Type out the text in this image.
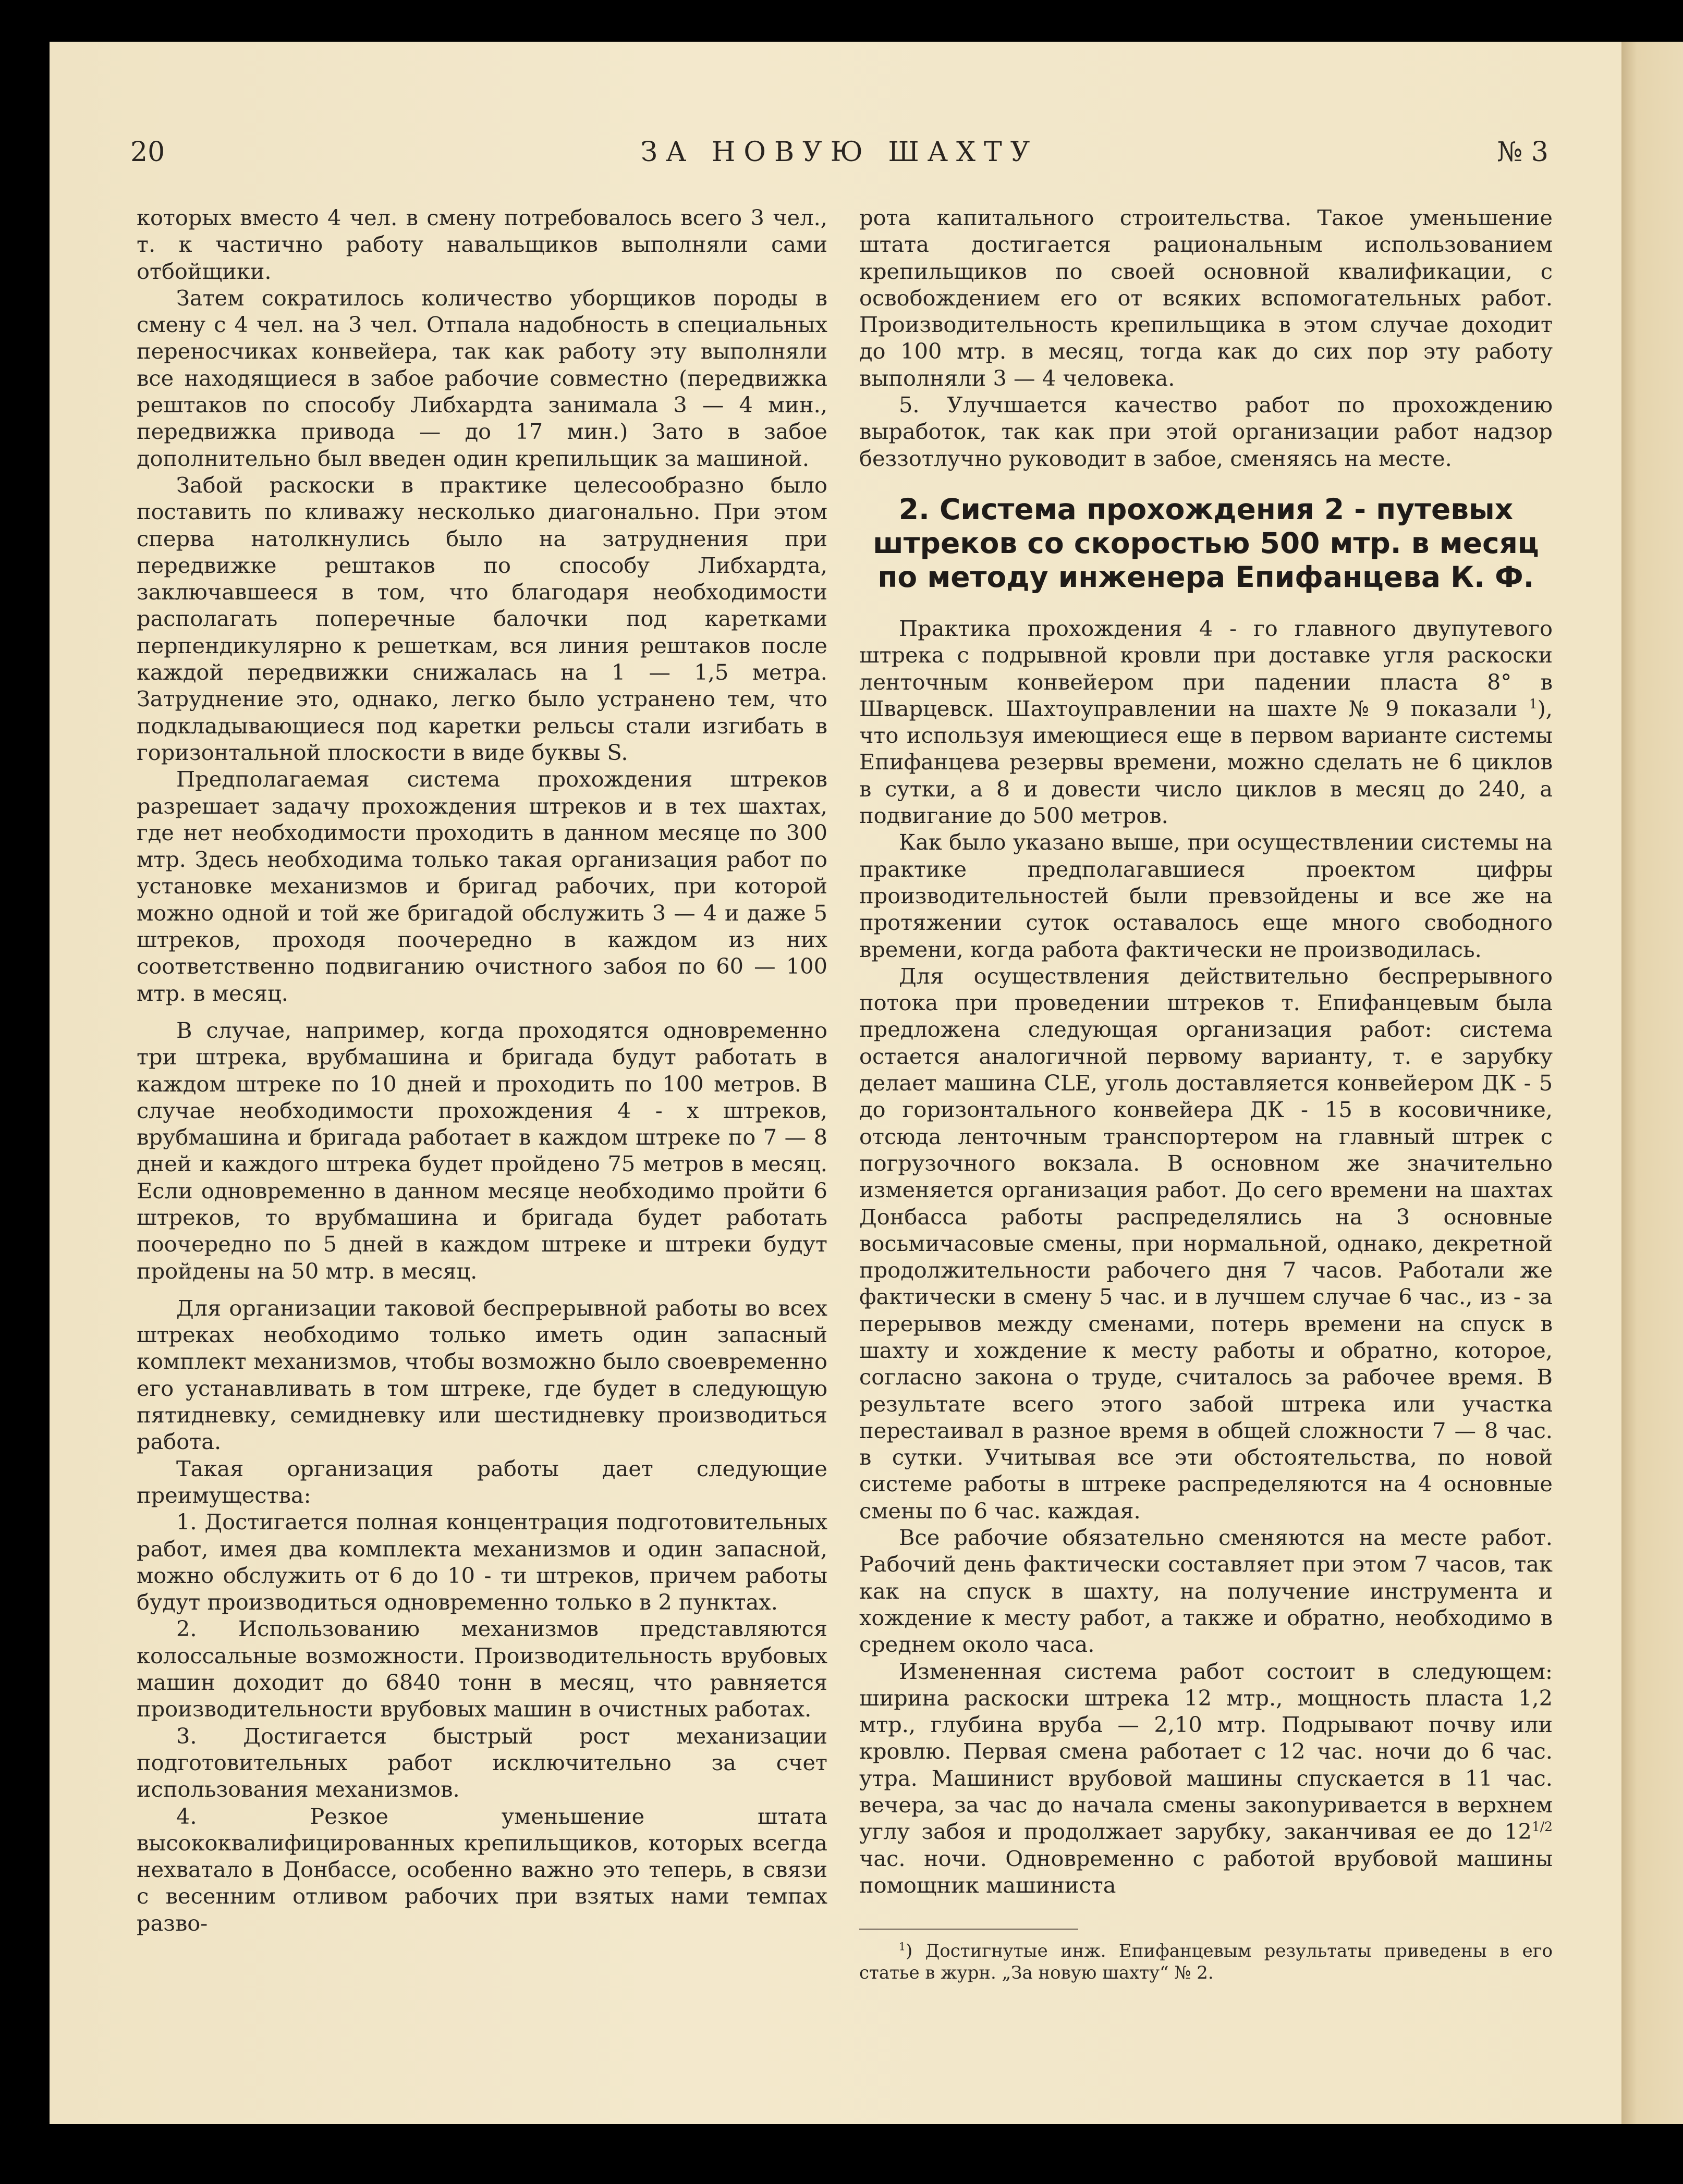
20	ЗА НОВУЮ ШАХТУ	№ 3

которых вместо 4 чел. в смену потребовалось всего 3 чел., т. к частично работу навальщиков выполняли сами отбойщики.

Затем сократилось количество уборщиков породы в смену с 4 чел. на 3 чел. Отпала надобность в специальных переносчиках конвейера, так как работу эту выполняли все находящиеся в забое рабочие совместно (передвижка рештаков по способу Либхардта занимала 3 — 4 мин., передвижка привода — до 17 мин.) Зато в забое дополнительно был введен один крепильщик за машиной.

Забой раскоски в практике целесообразно было поставить по кливажу несколько диагонально. При этом сперва натолкнулись было на затруднения при передвижке рештаков по способу Либхардта, заключавшееся в том, что благодаря необходимости располагать поперечные балочки под каретками перпендикулярно к решеткам, вся линия рештаков после каждой передвижки снижалась на 1 — 1,5 метра. Затруднение это, однако, легко было устранено тем, что подкладывающиеся под каретки рельсы стали изгибать в горизонтальной плоскости в виде буквы S.

Предполагаемая система прохождения штреков разрешает задачу прохождения штреков и в тех шахтах, где нет необходимости проходить в данном месяце по 300 мтр. Здесь необходима только такая организация работ по установке механизмов и бригад рабочих, при которой можно одной и той же бригадой обслужить 3 — 4 и даже 5 штреков, проходя поочередно в каждом из них соответственно подвиганию очистного забоя по 60 — 100 мтр. в месяц.

В случае, например, когда проходятся одновременно три штрека, врубмашина и бригада будут работать в каждом штреке по 10 дней и проходить по 100 метров. В случае необходимости прохождения 4 - х штреков, врубмашина и бригада работает в каждом штреке по 7 — 8 дней и каждого штрека будет пройдено 75 метров в месяц. Если одновременно в данном месяце необходимо пройти 6 штреков, то врубмашина и бригада будет работать поочередно по 5 дней в каждом штреке и штреки будут пройдены на 50 мтр. в месяц.

Для организации таковой беспрерывной работы во всех штреках необходимо только иметь один запасный комплект механизмов, чтобы возможно было своевременно его устанавливать в том штреке, где будет в следующую пятидневку, семидневку или шестидневку производиться работа.

Такая организация работы дает следующие преимущества:

1. Достигается полная концентрация подготовительных работ, имея два комплекта механизмов и один запасной, можно обслужить от 6 до 10 - ти штреков, причем работы будут производиться одновременно только в 2 пунктах.

2. Использованию механизмов представляются колоссальные возможности. Производительность врубовых машин доходит до 6840 тонн в месяц, что равняется производительности врубовых машин в очистных работах.

3. Достигается быстрый рост механизации подготовительных работ исключительно за счет использования механизмов.

4. Резкое уменьшение штата высококвалифицированных крепильщиков, которых всегда нехватало в Донбассе, особенно важно это теперь, в связи с весенним отливом рабочих при взятых нами темпах разво-

рота капитального строительства. Такое уменьшение штата достигается рациональным использованием крепильщиков по своей основной квалификации, с освобождением его от всяких вспомогательных работ. Производительность крепильщика в этом случае доходит до 100 мтр. в месяц, тогда как до сих пор эту работу выполняли 3 — 4 человека.

5. Улучшается качество работ по прохождению выработок, так как при этой организации работ надзор беззотлучно руководит в забое, сменяясь на месте.

2. Система прохождения 2 - путевых штреков со скоростью 500 мтр. в месяц по методу инженера Епифанцева К. Ф.

Практика прохождения 4 - го главного двупутевого штрека с подрывной кровли при доставке угля раскоски ленточным конвейером при падении пласта 8° в Шварцевск. Шахтоуправлении на шахте № 9 показали $^1$), что используя имеющиеся еще в первом варианте системы Епифанцева резервы времени, можно сделать не 6 циклов в сутки, а 8 и довести число циклов в месяц до 240, а подвигание до 500 метров.

Как было указано выше, при осуществлении системы на практике предполагавшиеся проектом цифры производительностей были превзойдены и все же на протяжении суток оставалось еще много свободного времени, когда работа фактически не производилась.

Для осуществления действительно беспрерывного потока при проведении штреков т. Епифанцевым была предложена следующая организация работ: система остается аналогичной первому варианту, т. е зарубку делает машина CLE, уголь доставляется конвейером ДК - 5 до горизонтального конвейера ДК - 15 в косовичнике, отсюда ленточным транспортером на главный штрек с погрузочного вокзала. В основном же значительно изменяется организация работ. До сего времени на шахтах Донбасса работы распределялись на 3 основные восьмичасовые смены, при нормальной, однако, декретной продолжительности рабочего дня 7 часов. Работали же фактически в смену 5 час. и в лучшем случае 6 час., из - за перерывов между сменами, потерь времени на спуск в шахту и хождение к месту работы и обратно, которое, согласно закона о труде, считалось за рабочее время. В результате всего этого забой штрека или участка перестаивал в разное время в общей сложности 7 — 8 час. в сутки. Учитывая все эти обстоятельства, по новой системе работы в штреке распределяются на 4 основные смены по 6 час. каждая.

Все рабочие обязательно сменяются на месте работ. Рабочий день фактически составляет при этом 7 часов, так как на спуск в шахту, на получение инструмента и хождение к месту работ, а также и обратно, необходимо в среднем около часа.

Измененная система работ состоит в следующем: ширина раскоски штрека 12 мтр., мощность пласта 1,2 мтр., глубина вруба — 2,10 мтр. Подрывают почву или кровлю. Первая смена работает с 12 час. ночи до 6 час. утра. Машинист врубовой машины спускается в 11 час. вечера, за час до начала смены закоnуривается в верхнем углу забоя и продолжает зарубку, заканчивая ее до $12^{1/2}$ час. ночи. Одновременно с работой врубовой машины помощник машиниста

$^1$) Достигнутые инж. Епифанцевым результаты приведены в его статье в журн. „За новую шахту“ № 2.
